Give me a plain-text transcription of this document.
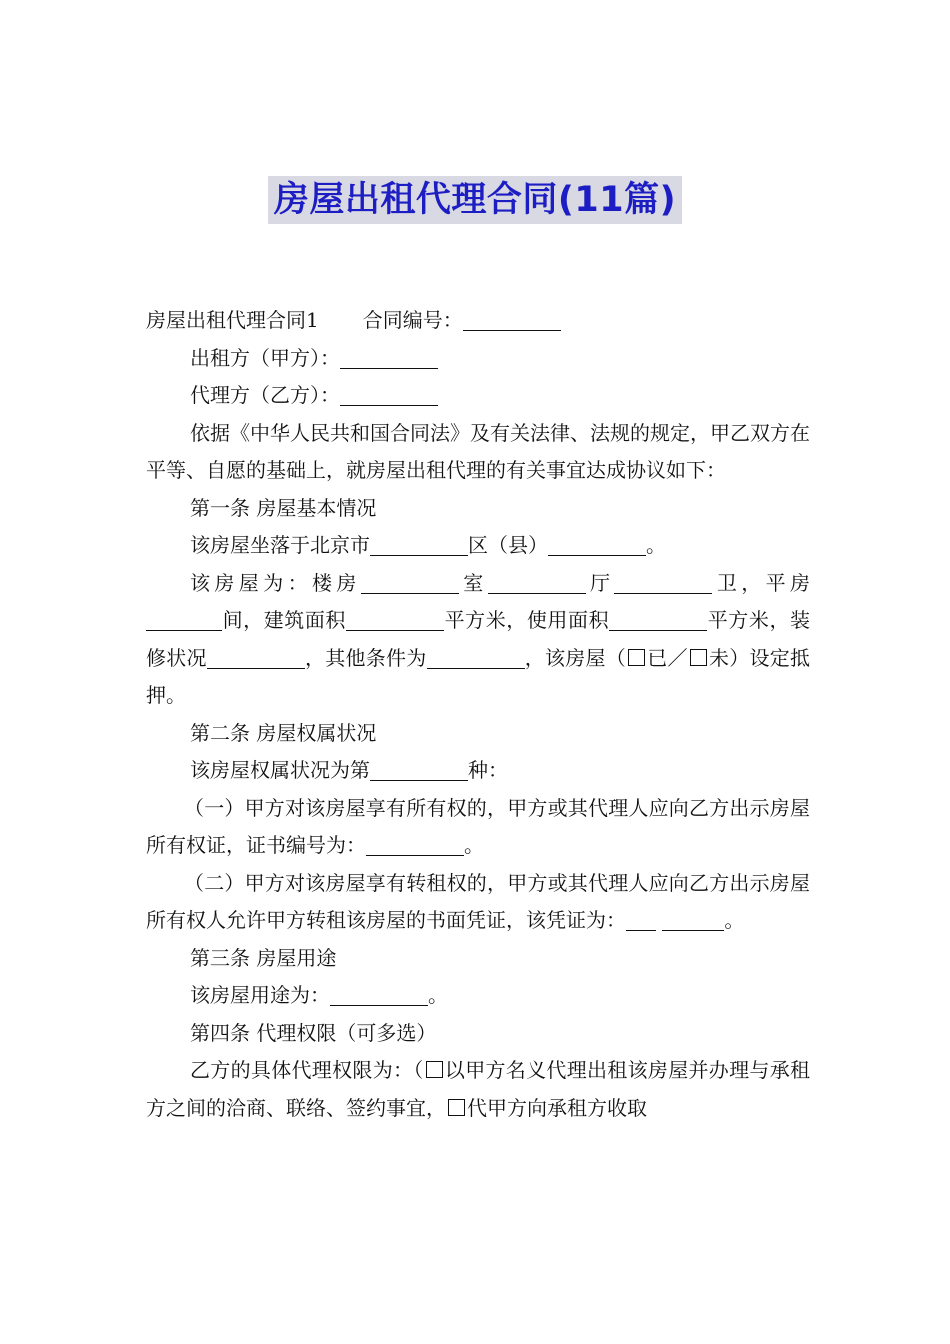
房屋出租代理合同(11篇)

房屋出租代理合同1 合同编号：

出租方（甲方）：

代理方（乙方）：

依据《中华人民共和国合同法》及有关法律、法规的规定，甲乙双方在平等、自愿的基础上，就房屋出租代理的有关事宜达成协议如下：

第一条 房屋基本情况

该房屋坐落于北京市	区（县）	。

该房屋为：楼房	室	厅	卫，平房间，建筑面积	平方米，使用面积	平方米，装修状况	，其他条件为	，该房屋（ 已／ 未）设定抵押。

第二条 房屋权属状况

该房屋权属状况为第	种：

（一）甲方对该房屋享有所有权的，甲方或其代理人应向乙方出示房屋所有权证，证书编号为：	。

（二）甲方对该房屋享有转租权的，甲方或其代理人应向乙方出示房屋所有权人允许甲方转租该房屋的书面凭证，该凭证为：	。

第三条 房屋用途

该房屋用途为：	。

第四条 代理权限（可多选）

乙方的具体代理权限为：（ 以甲方名义代理出租该房屋并办理与承租方之间的洽商、联络、签约事宜， 代甲方向承租方收取
